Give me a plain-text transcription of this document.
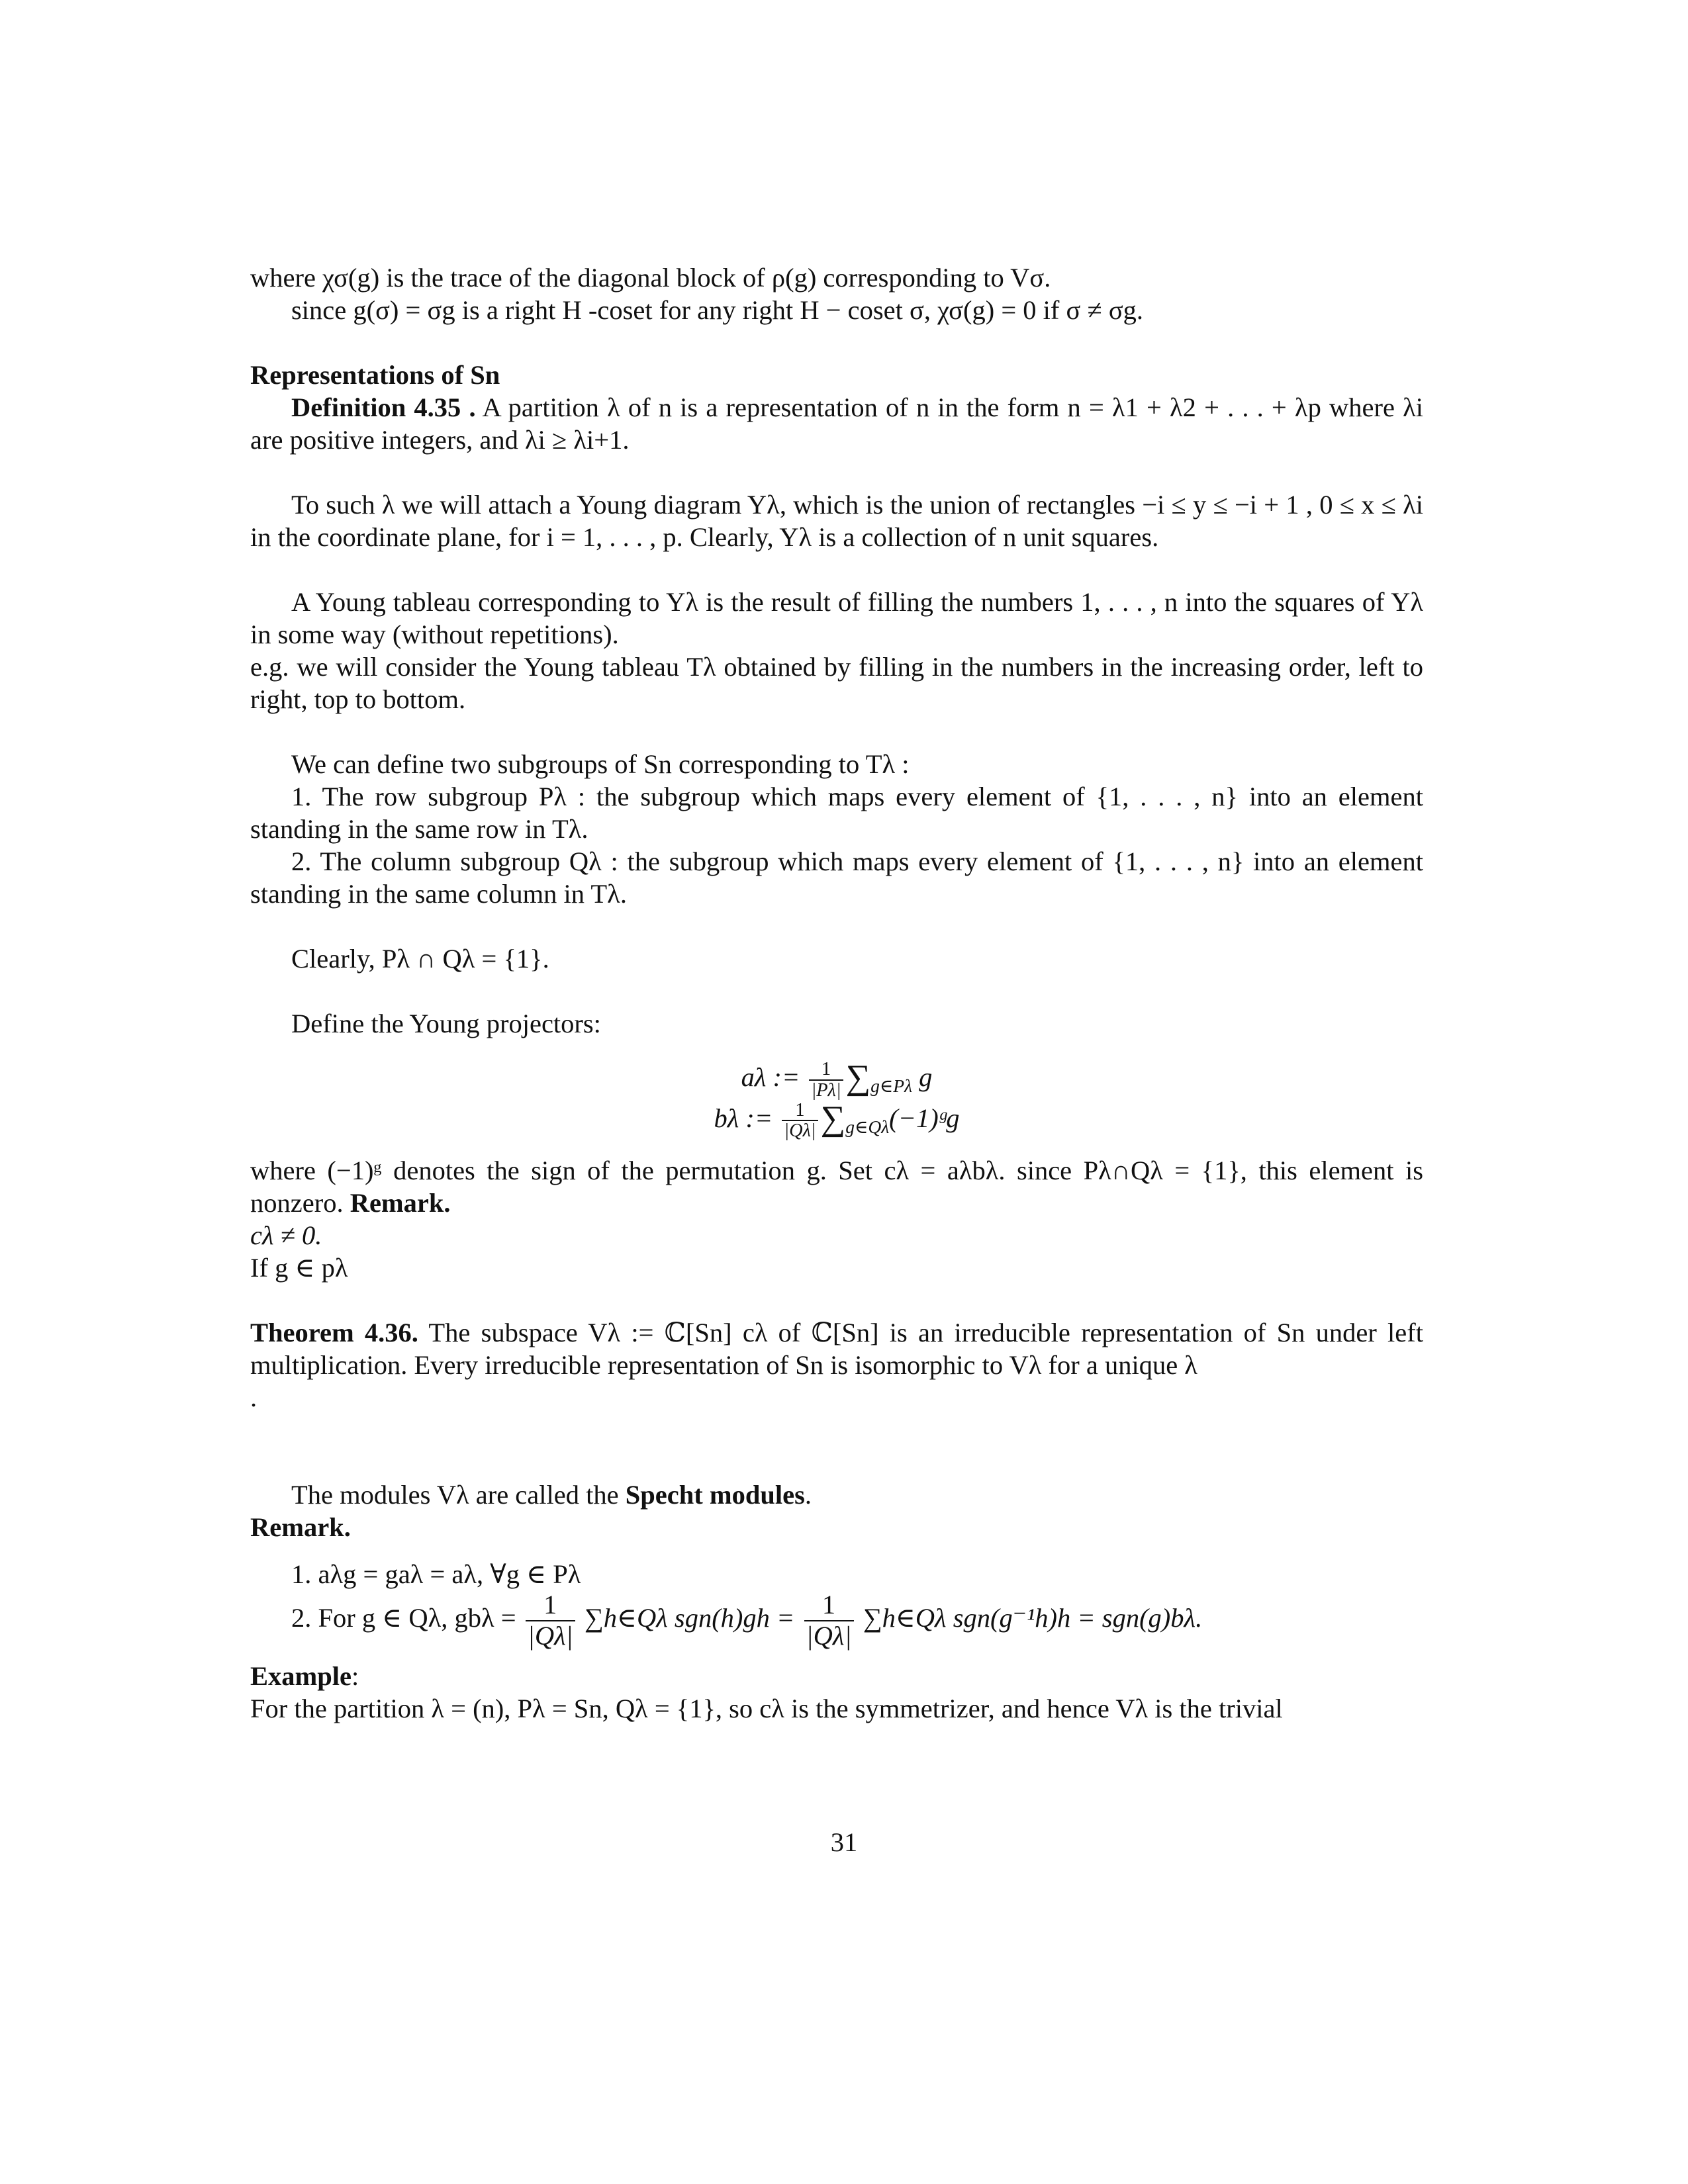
where χσ(g) is the trace of the diagonal block of ρ(g) corresponding to Vσ.

since g(σ) = σg is a right H -coset for any right H − coset σ, χσ(g) = 0 if σ ≠ σg.

Representations of Sn

Definition 4.35 . A partition λ of n is a representation of n in the form n = λ1 + λ2 + . . . + λp where λi are positive integers, and λi ≥ λi+1.

To such λ we will attach a Young diagram Yλ, which is the union of rectangles −i ≤ y ≤ −i + 1 , 0 ≤ x ≤ λi in the coordinate plane, for i = 1, . . . , p. Clearly, Yλ is a collection of n unit squares.

A Young tableau corresponding to Yλ is the result of filling the numbers 1, . . . , n into the squares of Yλ in some way (without repetitions).

e.g. we will consider the Young tableau Tλ obtained by filling in the numbers in the increasing order, left to right, top to bottom.

We can define two subgroups of Sn corresponding to Tλ :

1. The row subgroup Pλ : the subgroup which maps every element of {1, . . . , n} into an element standing in the same row in Tλ.

2. The column subgroup Qλ : the subgroup which maps every element of {1, . . . , n} into an element standing in the same column in Tλ.

Clearly, Pλ ∩ Qλ = {1}.

Define the Young projectors:

aλ := $\frac{1}{|P\lambda|} \sum_{g\in P\lambda}$ g
bλ := $\frac{1}{|Q\lambda|}$ $\sum_{g\in Q\lambda}(-1)ᵍg$

where (−1)ᵍ denotes the sign of the permutation g. Set cλ = aλbλ. since Pλ∩Qλ = {1}, this element is nonzero. Remark.

cλ ≠ 0.

If g ∈ pλ

Theorem 4.36. The subspace Vλ := ℂ[Sn] cλ of ℂ[Sn] is an irreducible representation of Sn under left multiplication. Every irreducible representation of Sn is isomorphic to Vλ for a unique λ

.

The modules Vλ are called the Specht modules.

Remark.

1. aλg = gaλ = aλ, ∀g ∈ Pλ
2. For g ∈ Qλ, $gb\lambda = \frac{1}{|Q\lambda|}$ ∑h∈Qλ $sgn(h)gh = \frac{1}{|Q\lambda|}$ ∑h∈Qλ sgn(g⁻¹h)h = sgn(g)bλ.

Example:

For the partition λ = (n), Pλ = Sn, Qλ = {1}, so cλ is the symmetrizer, and hence Vλ is the trivial

31
